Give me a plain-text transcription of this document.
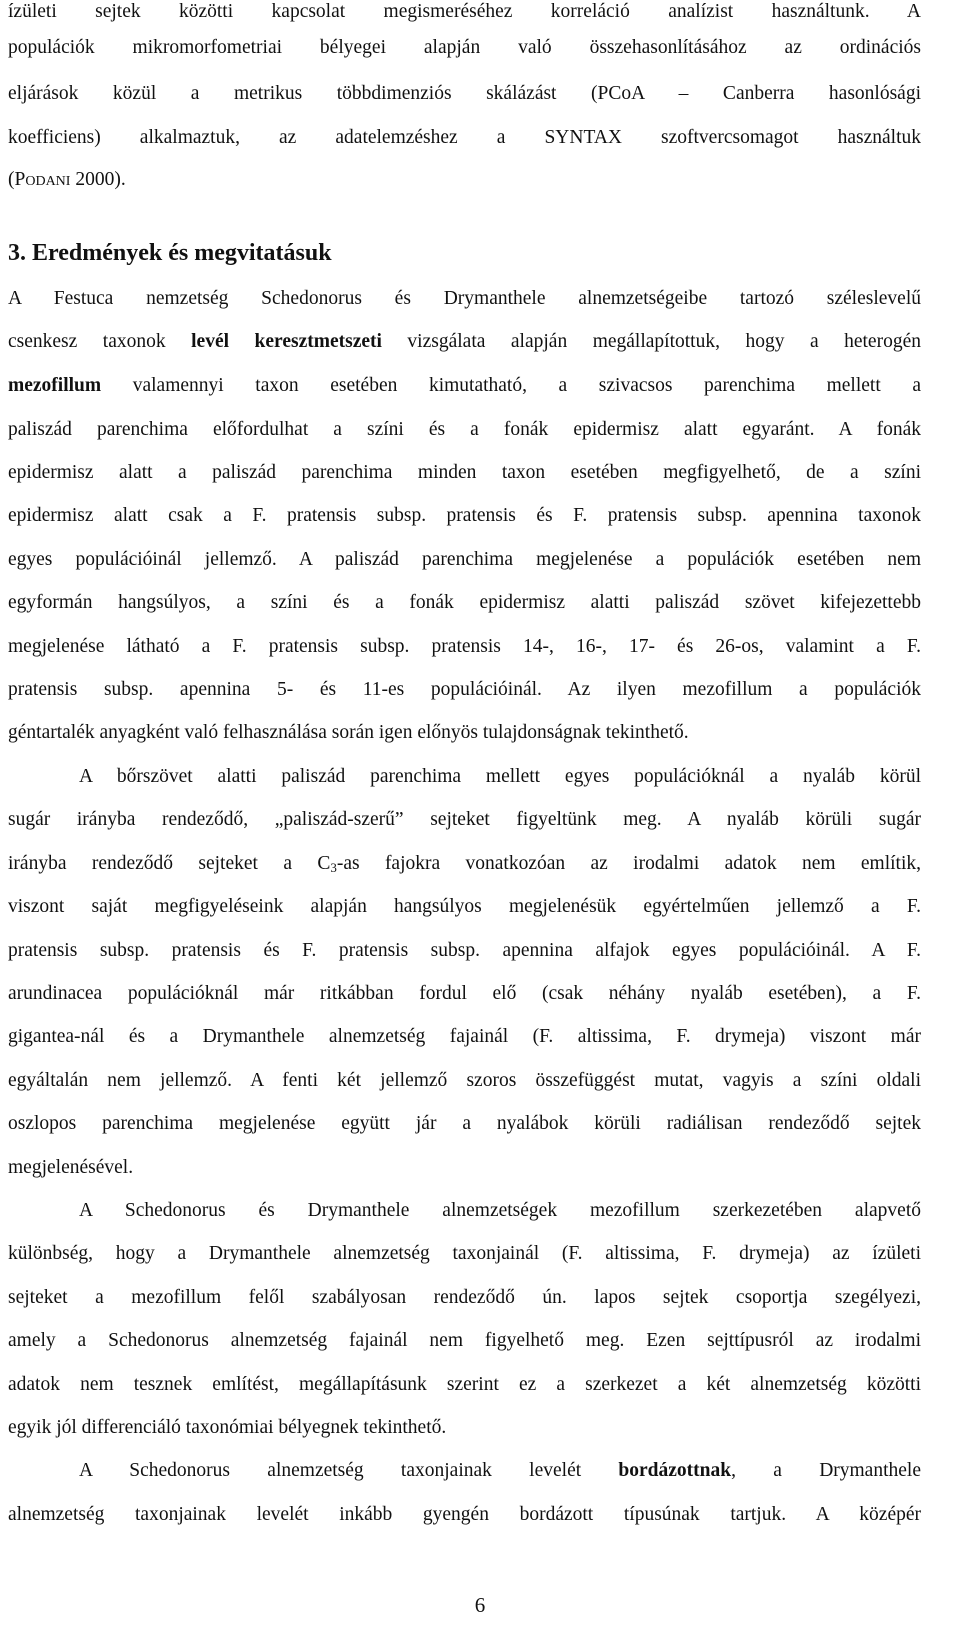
ízületi sejtek közötti kapcsolat megismeréséhez korreláció analízist használtunk. A
populációk mikromorfometriai bélyegei alapján való összehasonlításához az ordinációs
eljárások közül a metrikus többdimenziós skálázást (PCoA – Canberra hasonlósági
koefficiens) alkalmaztuk, az adatelemzéshez a SYNTAX szoftvercsomagot használtuk
(Podani 2000).
3. Eredmények és megvitatásuk
A Festuca nemzetség Schedonorus és Drymanthele alnemzetségeibe tartozó széleslevelű
csenkesz taxonok levél keresztmetszeti vizsgálata alapján megállapítottuk, hogy a heterogén
mezofillum valamennyi taxon esetében kimutatható, a szivacsos parenchima mellett a
paliszád parenchima előfordulhat a színi és a fonák epidermisz alatt egyaránt. A fonák
epidermisz alatt a paliszád parenchima minden taxon esetében megfigyelhető, de a színi
epidermisz alatt csak a F. pratensis subsp. pratensis és F. pratensis subsp. apennina taxonok
egyes populációinál jellemző. A paliszád parenchima megjelenése a populációk esetében nem
egyformán hangsúlyos, a színi és a fonák epidermisz alatti paliszád szövet kifejezettebb
megjelenése látható a F. pratensis subsp. pratensis 14-, 16-, 17- és 26-os, valamint a F.
pratensis subsp. apennina 5- és 11-es populációinál. Az ilyen mezofillum a populációk
géntartalék anyagként való felhasználása során igen előnyös tulajdonságnak tekinthető.
A bőrszövet alatti paliszád parenchima mellett egyes populációknál a nyaláb körül
sugár irányba rendeződő, „paliszád-szerű” sejteket figyeltünk meg. A nyaláb körüli sugár
irányba rendeződő sejteket a $C_3-as$ fajokra vonatkozóan az irodalmi adatok nem említik,
viszont saját megfigyeléseink alapján hangsúlyos megjelenésük egyértelműen jellemző a F.
pratensis subsp. pratensis és F. pratensis subsp. apennina alfajok egyes populációinál. A F.
arundinacea populációknál már ritkábban fordul elő (csak néhány nyaláb esetében), a F.
gigantea-nál és a Drymanthele alnemzetség fajainál (F. altissima, F. drymeja) viszont már
egyáltalán nem jellemző. A fenti két jellemző szoros összefüggést mutat, vagyis a színi oldali
oszlopos parenchima megjelenése együtt jár a nyalábok körüli radiálisan rendeződő sejtek
megjelenésével.
A Schedonorus és Drymanthele alnemzetségek mezofillum szerkezetében alapvető
különbség, hogy a Drymanthele alnemzetség taxonjainál (F. altissima, F. drymeja) az ízületi
sejteket a mezofillum felől szabályosan rendeződő ún. lapos sejtek csoportja szegélyezi,
amely a Schedonorus alnemzetség fajainál nem figyelhető meg. Ezen sejttípusról az irodalmi
adatok nem tesznek említést, megállapításunk szerint ez a szerkezet a két alnemzetség közötti
egyik jól differenciáló taxonómiai bélyegnek tekinthető.
A Schedonorus alnemzetség taxonjainak levelét bordázottnak, a Drymanthele
alnemzetség taxonjainak levelét inkább gyengén bordázott típusúnak tartjuk. A középér
6
